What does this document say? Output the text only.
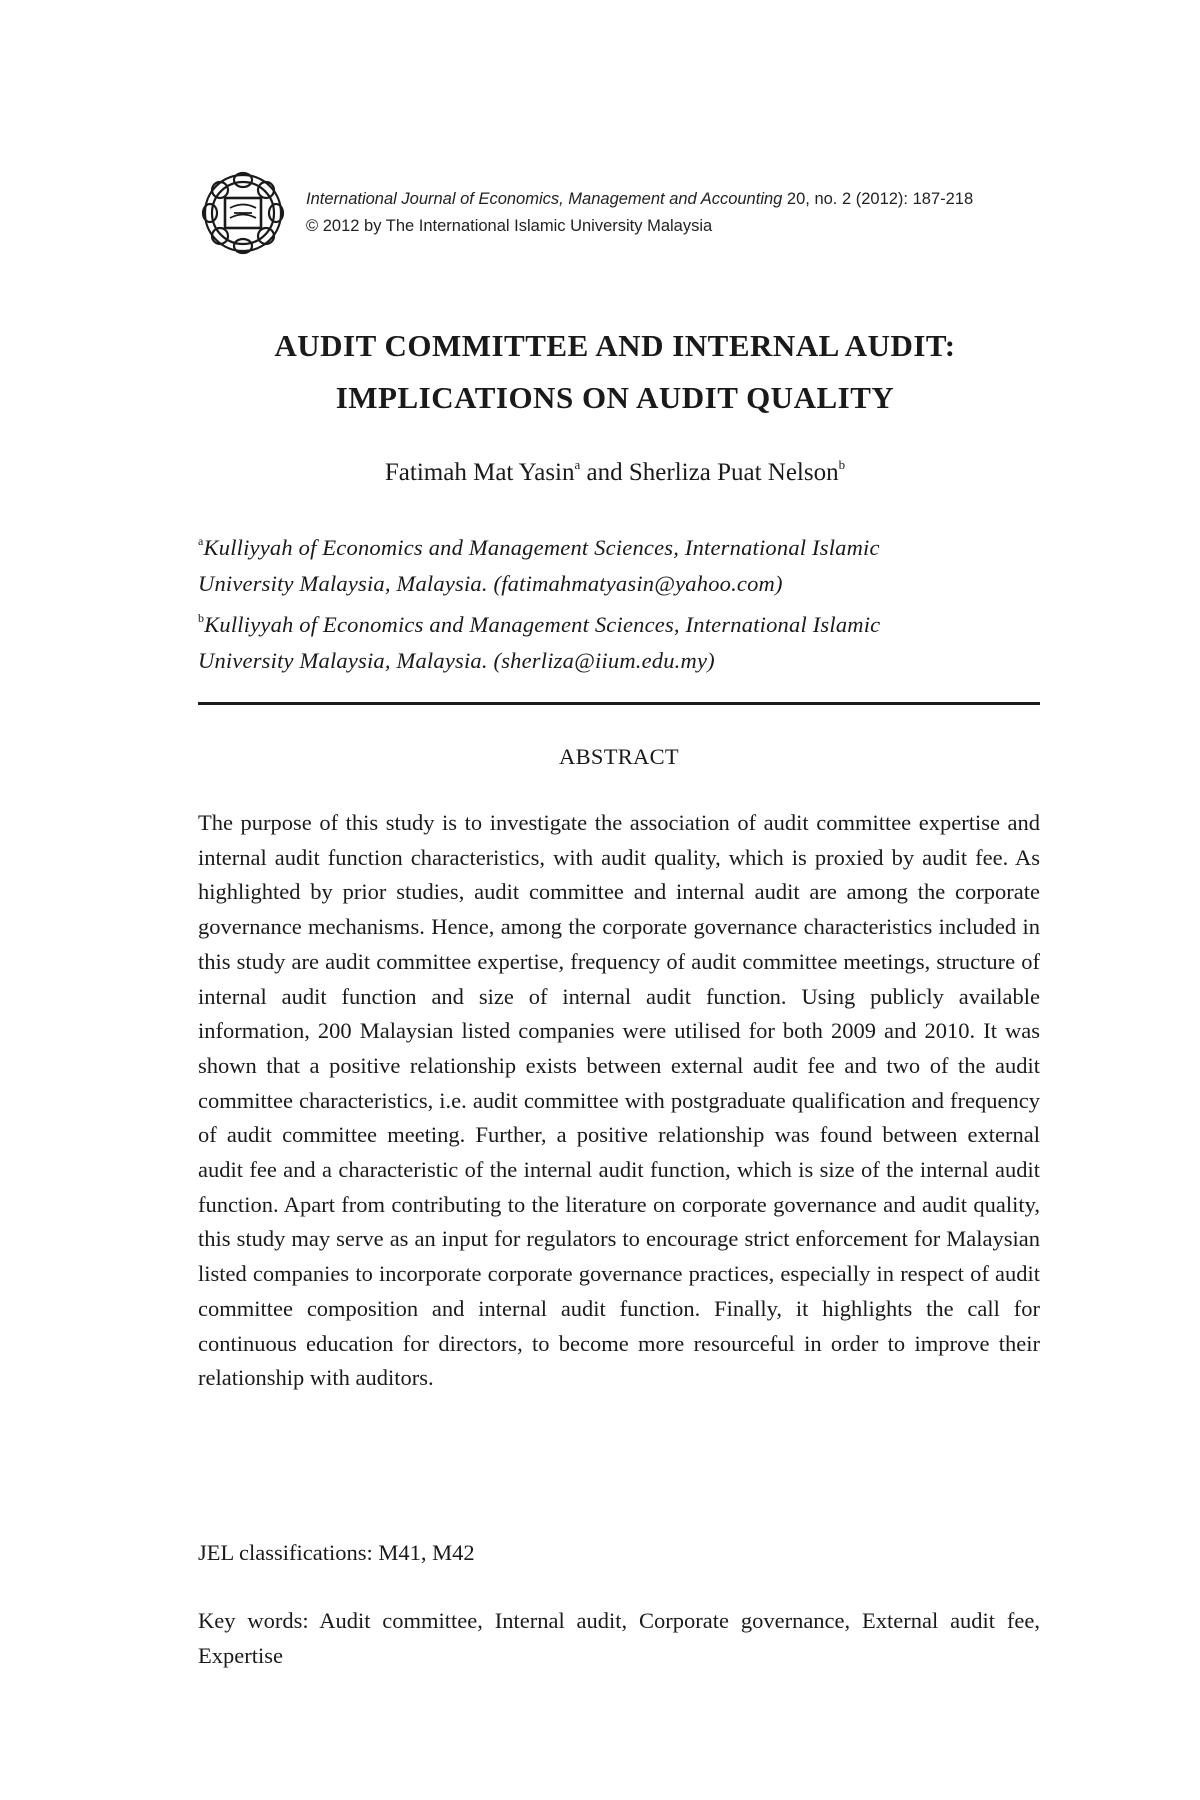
International Journal of Economics, Management and Accounting 20, no. 2 (2012): 187-218
© 2012 by The International Islamic University Malaysia
AUDIT COMMITTEE AND INTERNAL AUDIT:
IMPLICATIONS ON AUDIT QUALITY
Fatimah Mat Yasin$^a$ and Sherliza Puat Nelson$^b$
$^a$Kulliyyah of Economics and Management Sciences, International Islamic
University Malaysia, Malaysia. (fatimahmatyasin@yahoo.com)
$^b$Kulliyyah of Economics and Management Sciences, International Islamic
University Malaysia, Malaysia. (sherliza@iium.edu.my)
ABSTRACT
The purpose of this study is to investigate the association of audit committee expertise and internal audit function characteristics, with audit quality, which is proxied by audit fee. As highlighted by prior studies, audit committee and internal audit are among the corporate governance mechanisms. Hence, among the corporate governance characteristics included in this study are audit committee expertise, frequency of audit committee meetings, structure of internal audit function and size of internal audit function. Using publicly available information, 200 Malaysian listed companies were utilised for both 2009 and 2010. It was shown that a positive relationship exists between external audit fee and two of the audit committee characteristics, i.e. audit committee with postgraduate qualification and frequency of audit committee meeting. Further, a positive relationship was found between external audit fee and a characteristic of the internal audit function, which is size of the internal audit function. Apart from contributing to the literature on corporate governance and audit quality, this study may serve as an input for regulators to encourage strict enforcement for Malaysian listed companies to incorporate corporate governance practices, especially in respect of audit committee composition and internal audit function. Finally, it highlights the call for continuous education for directors, to become more resourceful in order to improve their relationship with auditors.
JEL classifications: M41, M42
Key words: Audit committee, Internal audit, Corporate governance, External audit fee, Expertise
